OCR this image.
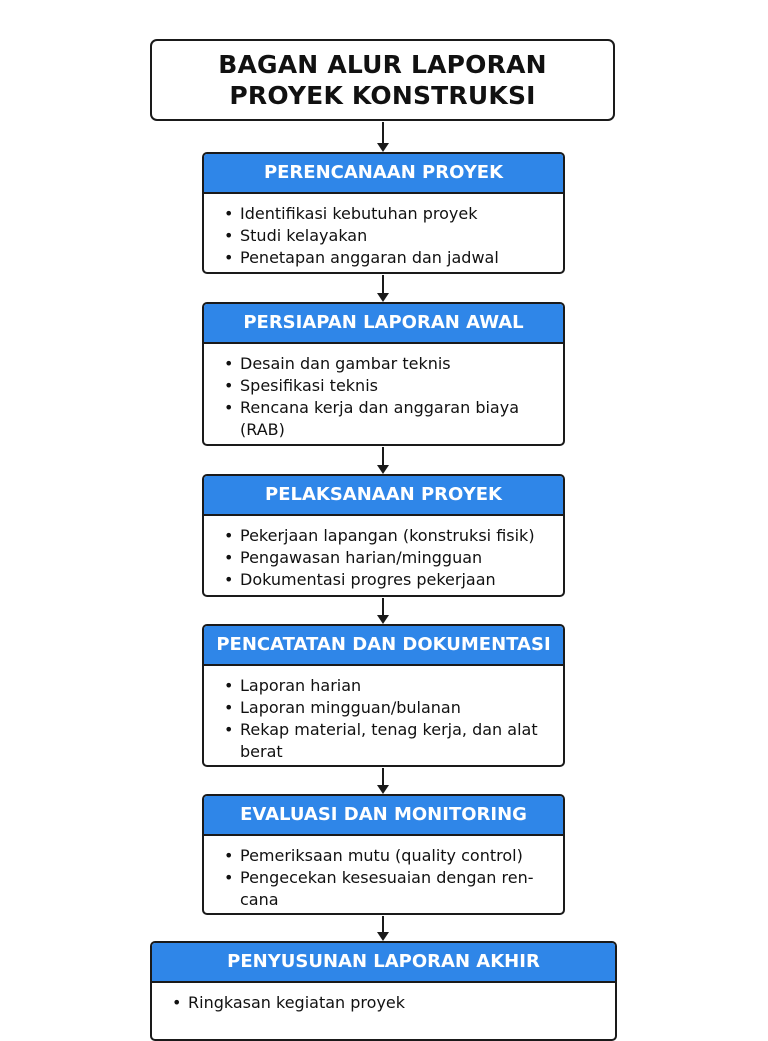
BAGAN ALUR LAPORAN
PROYEK KONSTRUKSI
PERENCANAAN PROYEK
• Identifikasi kebutuhan proyek
• Studi kelayakan
• Penetapan anggaran dan jadwal
PERSIAPAN LAPORAN AWAL
• Desain dan gambar teknis
• Spesifikasi teknis
• Rencana kerja dan anggaran biaya (RAB)
PELAKSANAAN PROYEK
• Pekerjaan lapangan (konstruksi fisik)
• Pengawasan harian/mingguan
• Dokumentasi progres pekerjaan
PENCATATAN DAN DOKUMENTASI
• Laporan harian
• Laporan mingguan/bulanan
• Rekap material, tenag kerja, dan alat berat
EVALUASI DAN MONITORING
• Pemeriksaan mutu (quality control)
• Pengecekan kesesuaian dengan ren-cana
PENYUSUNAN LAPORAN AKHIR
• Ringkasan kegiatan proyek
